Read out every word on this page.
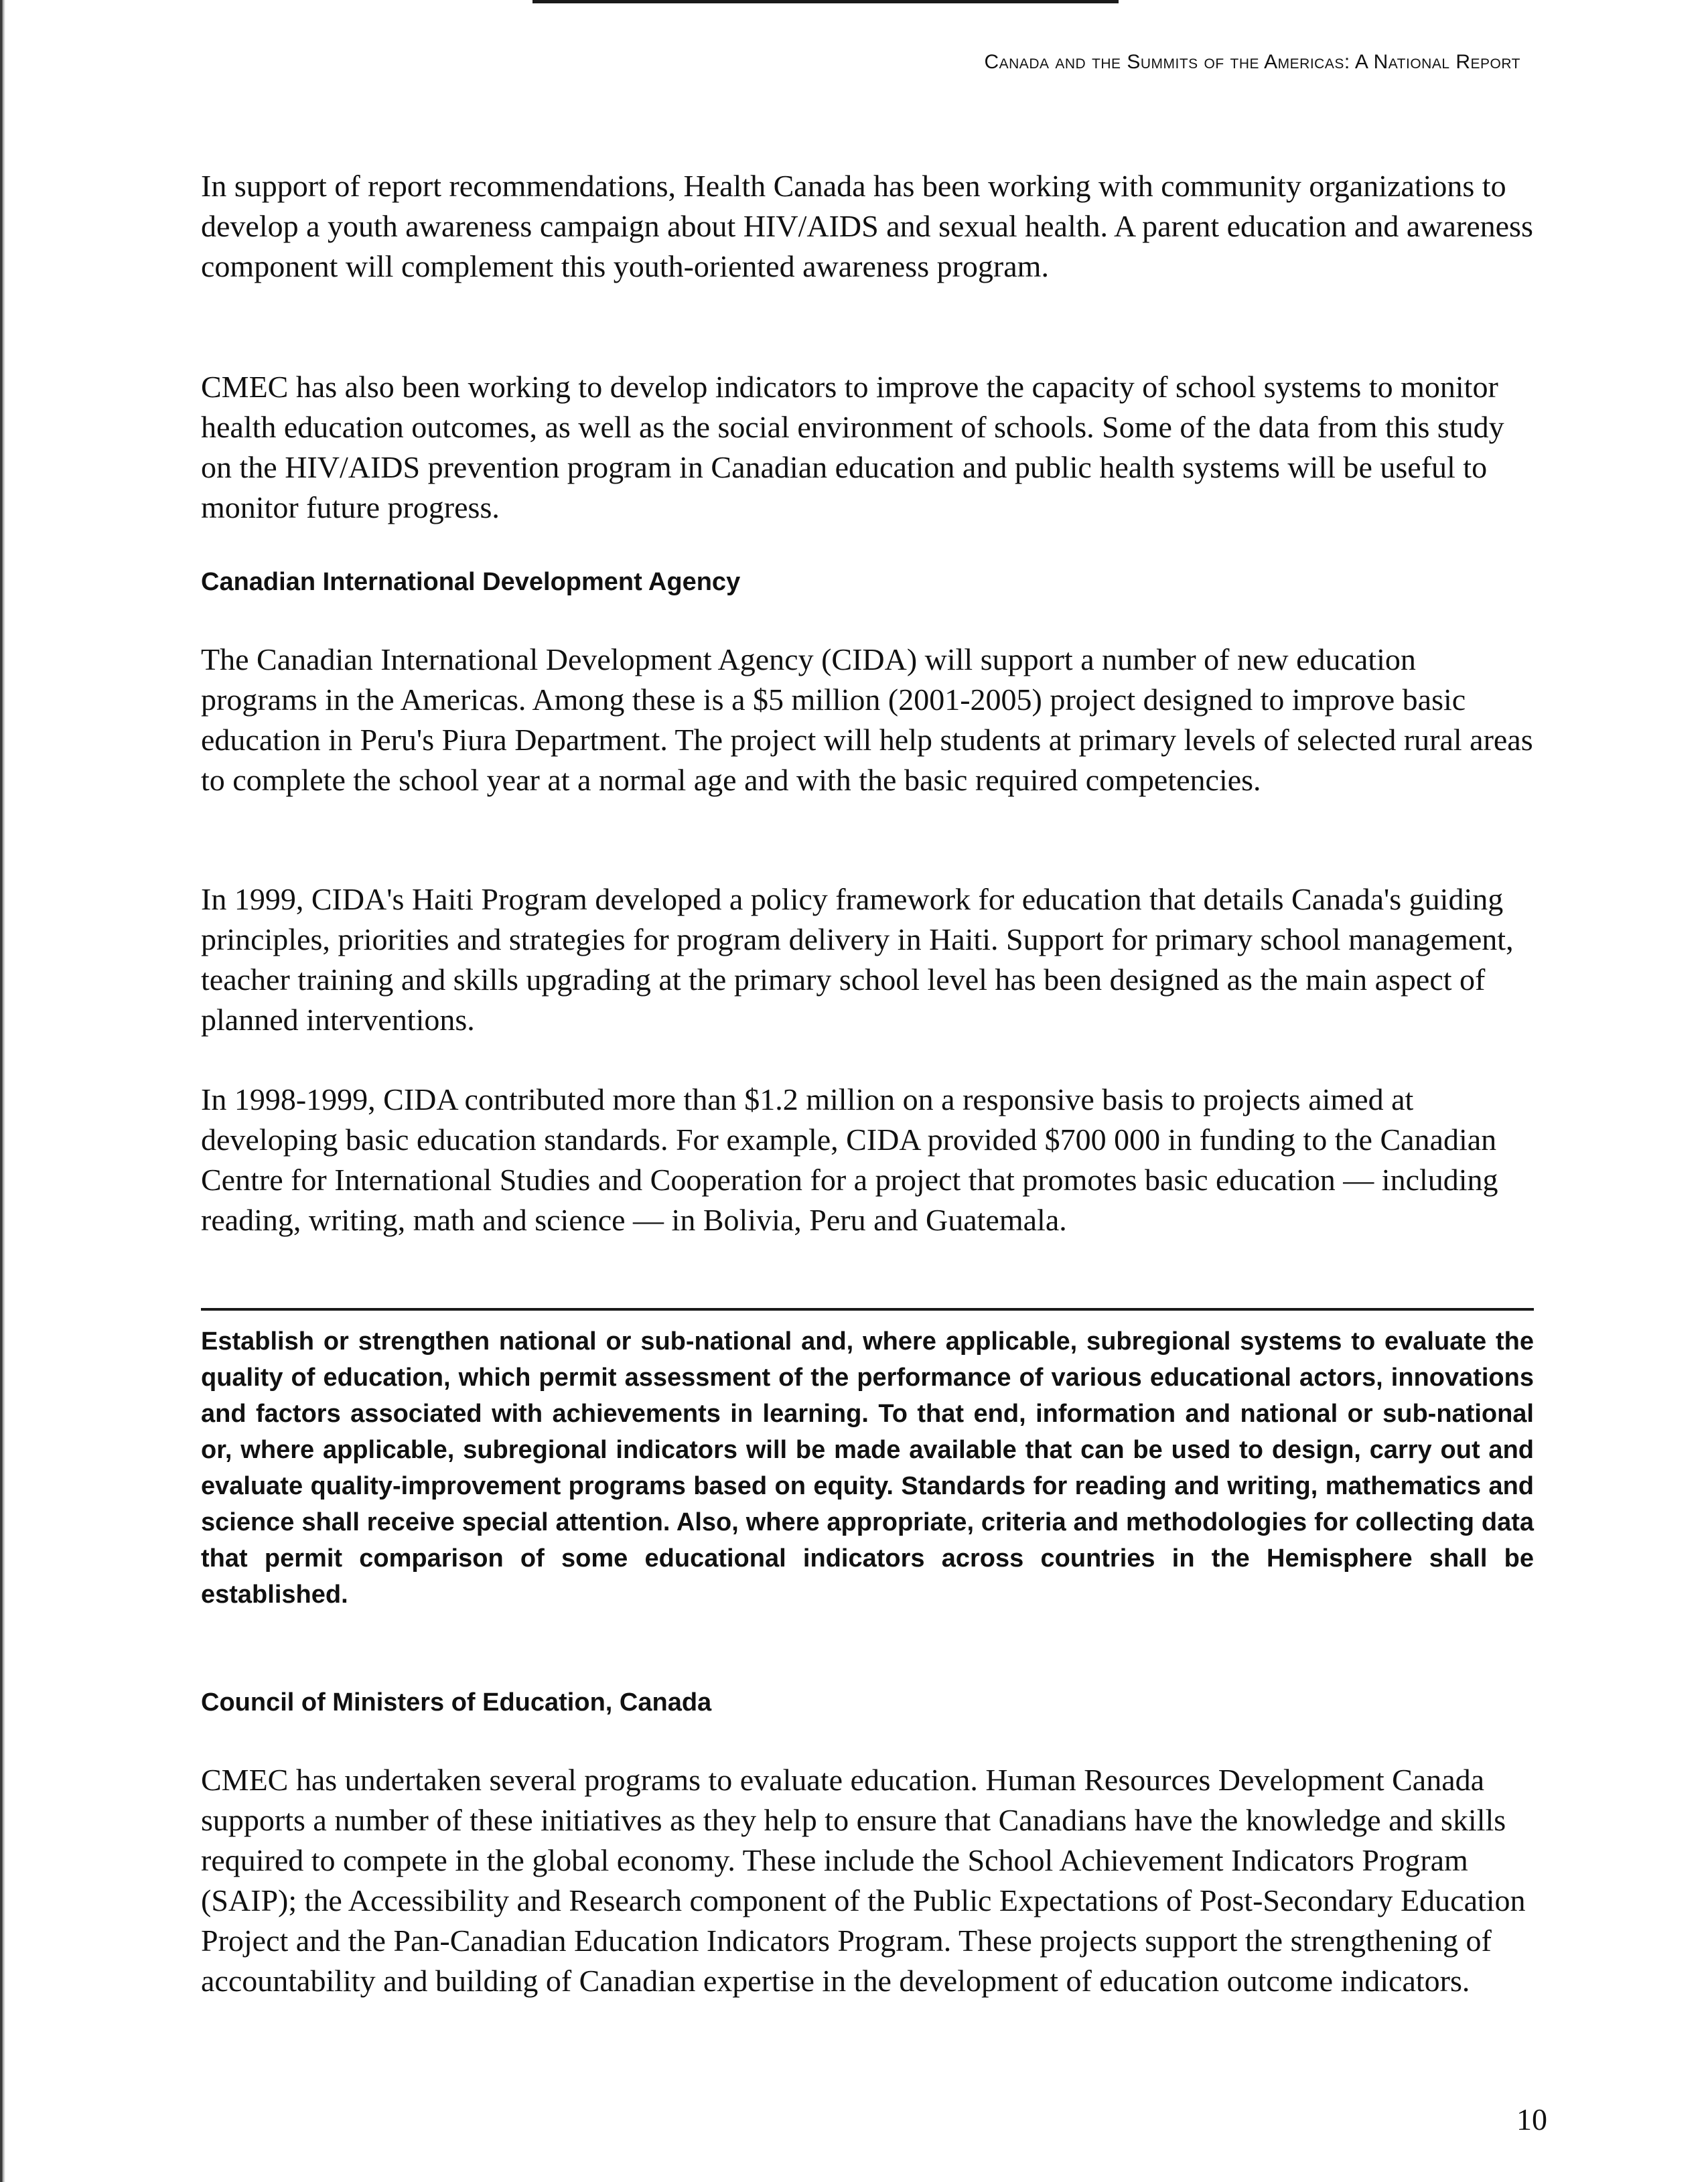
Canada and the Summits of the Americas: A National Report

In support of report recommendations, Health Canada has been working with community organizations to develop a youth awareness campaign about HIV/AIDS and sexual health. A parent education and awareness component will complement this youth-oriented awareness program.

CMEC has also been working to develop indicators to improve the capacity of school systems to monitor health education outcomes, as well as the social environment of schools. Some of the data from this study on the HIV/AIDS prevention program in Canadian education and public health systems will be useful to monitor future progress.

Canadian International Development Agency

The Canadian International Development Agency (CIDA) will support a number of new education programs in the Americas. Among these is a $5 million (2001-2005) project designed to improve basic education in Peru's Piura Department. The project will help students at primary levels of selected rural areas to complete the school year at a normal age and with the basic required competencies.

In 1999, CIDA's Haiti Program developed a policy framework for education that details Canada's guiding principles, priorities and strategies for program delivery in Haiti. Support for primary school management, teacher training and skills upgrading at the primary school level has been designed as the main aspect of planned interventions.

In 1998-1999, CIDA contributed more than $1.2 million on a responsive basis to projects aimed at developing basic education standards. For example, CIDA provided $700 000 in funding to the Canadian Centre for International Studies and Cooperation for a project that promotes basic education — including reading, writing, math and science — in Bolivia, Peru and Guatemala.

Establish or strengthen national or sub-national and, where applicable, subregional systems to evaluate the quality of education, which permit assessment of the performance of various educational actors, innovations and factors associated with achievements in learning. To that end, information and national or sub-national or, where applicable, subregional indicators will be made available that can be used to design, carry out and evaluate quality-improvement programs based on equity. Standards for reading and writing, mathematics and science shall receive special attention. Also, where appropriate, criteria and methodologies for collecting data that permit comparison of some educational indicators across countries in the Hemisphere shall be established.

Council of Ministers of Education, Canada

CMEC has undertaken several programs to evaluate education. Human Resources Development Canada supports a number of these initiatives as they help to ensure that Canadians have the knowledge and skills required to compete in the global economy. These include the School Achievement Indicators Program (SAIP); the Accessibility and Research component of the Public Expectations of Post-Secondary Education Project and the Pan-Canadian Education Indicators Program. These projects support the strengthening of accountability and building of Canadian expertise in the development of education outcome indicators.

10
